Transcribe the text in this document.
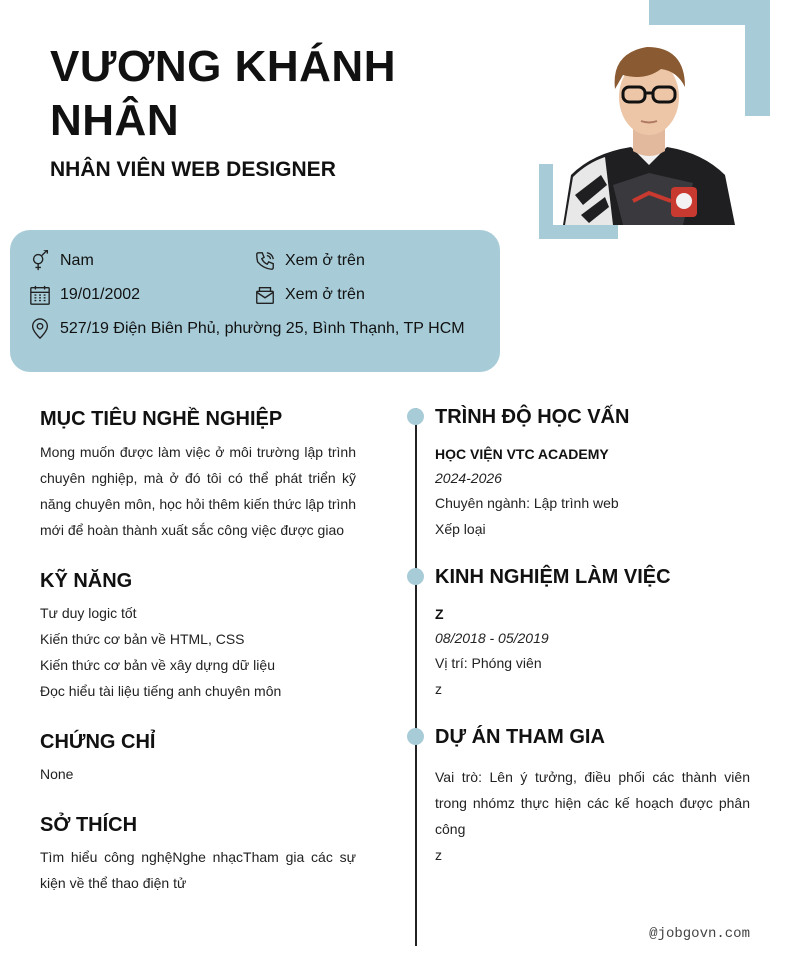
VƯƠNG KHÁNH NHÂN
NHÂN VIÊN WEB DESIGNER
Nam	Xem ở trên
19/01/2002	Xem ở trên
527/19 Điện Biên Phủ, phường 25, Bình Thạnh, TP HCM
MỤC TIÊU NGHỀ NGHIỆP
Mong muốn được làm việc ở môi trường lập trình chuyên nghiệp, mà ở đó tôi có thể phát triển kỹ năng chuyên môn, học hỏi thêm kiến thức lập trình mới để hoàn thành xuất sắc công việc được giao
KỸ NĂNG
Tư duy logic tốt
Kiến thức cơ bản về HTML, CSS
Kiến thức cơ bản về xây dựng dữ liệu
Đọc hiểu tài liệu tiếng anh chuyên môn
CHỨNG CHỈ
None
SỞ THÍCH
Tìm hiểu công nghệNghe nhạcTham gia các sự kiện về thể thao điện tử
TRÌNH ĐỘ HỌC VẤN
HỌC VIỆN VTC ACADEMY
2024-2026
Chuyên ngành: Lập trình web
Xếp loại
KINH NGHIỆM LÀM VIỆC
Z
08/2018 - 05/2019
Vị trí: Phóng viên
z
DỰ ÁN THAM GIA
Vai trò: Lên ý tưởng, điều phối các thành viên trong nhómz thực hiện các kế hoạch được phân công
z
@jobgovn.com
